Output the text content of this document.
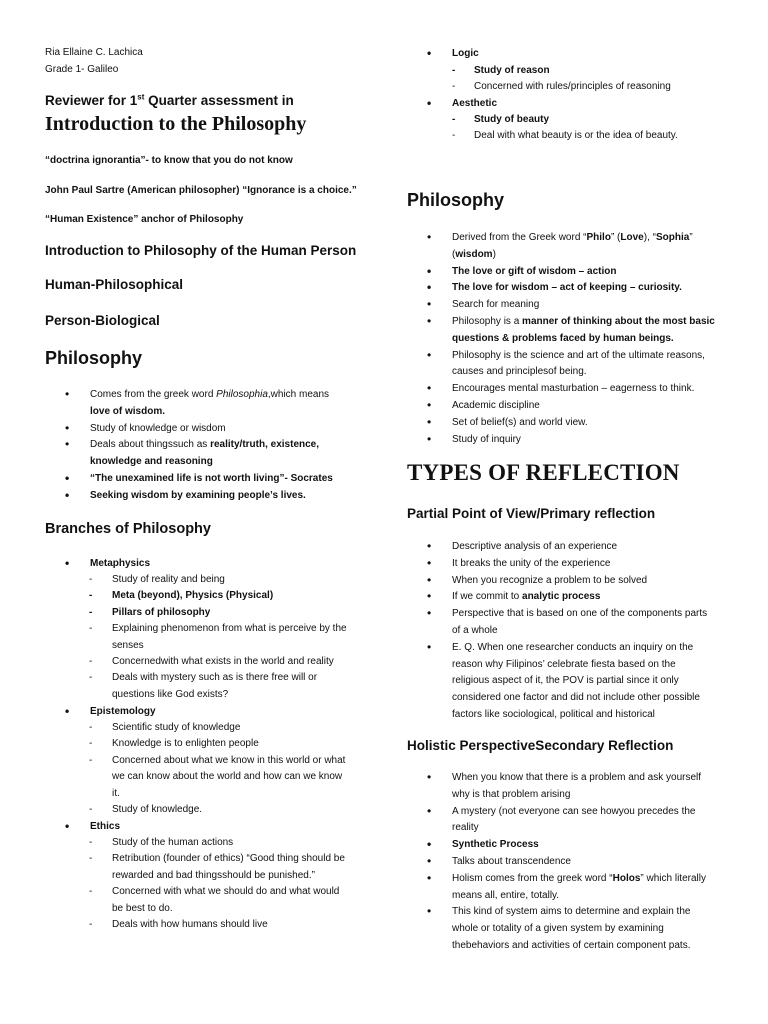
Ria Ellaine C. Lachica
Grade 1- Galileo
Reviewer for 1st Quarter assessment in
Introduction to the Philosophy
“doctrina ignorantia”- to know that you do not know
John Paul Sartre (American philosopher) “Ignorance is a choice.”
“Human Existence” anchor of Philosophy
Introduction to Philosophy of the Human Person
Human-Philosophical
Person-Biological
Philosophy
• Comes from the greek word Philosophia,which means
love of wisdom.
• Study of knowledge or wisdom
• Deals about thingssuch as reality/truth, existence,
knowledge and reasoning
• “The unexamined life is not worth living”- Socrates
• Seeking wisdom by examining people’s lives.
Branches of Philosophy
• Metaphysics
- Study of reality and being
- Meta (beyond), Physics (Physical)
- Pillars of philosophy
- Explaining phenomenon from what is perceive by the
senses
- Concernedwith what exists in the world and reality
- Deals with mystery such as is there free will or
questions like God exists?
• Epistemology
- Scientific study of knowledge
- Knowledge is to enlighten people
- Concerned about what we know in this world or what
we can know about the world and how can we know
it.
- Study of knowledge.
• Ethics
- Study of the human actions
- Retribution (founder of ethics) “Good thing should be
rewarded and bad thingsshould be punished.”
- Concerned with what we should do and what would
be best to do.
- Deals with how humans should live
• Logic
- Study of reason
- Concerned with rules/principles of reasoning
• Aesthetic
- Study of beauty
- Deal with what beauty is or the idea of beauty.
Philosophy
• Derived from the Greek word “Philo” (Love), “Sophia”
(wisdom)
• The love or gift of wisdom – action
• The love for wisdom – act of keeping – curiosity.
• Search for meaning
• Philosophy is a manner of thinking about the most basic
questions & problems faced by human beings.
• Philosophy is the science and art of the ultimate reasons,
causes and principlesof being.
• Encourages mental masturbation – eagerness to think.
• Academic discipline
• Set of belief(s) and world view.
• Study of inquiry
TYPES OF REFLECTION
Partial Point of View/Primary reflection
• Descriptive analysis of an experience
• It breaks the unity of the experience
• When you recognize a problem to be solved
• If we commit to analytic process
• Perspective that is based on one of the components parts
of a whole
• E. Q. When one researcher conducts an inquiry on the
reason why Filipinos’ celebrate fiesta based on the
religious aspect of it, the POV is partial since it only
considered one factor and did not include other possible
factors like sociological, political and historical
Holistic PerspectiveSecondary Reflection
• When you know that there is a problem and ask yourself
why is that problem arising
• A mystery (not everyone can see howyou precedes the
reality
• Synthetic Process
• Talks about transcendence
• Holism comes from the greek word “Holos” which literally
means all, entire, totally.
• This kind of system aims to determine and explain the
whole or totality of a given system by examining
thebehaviors and activities of certain component pats.
